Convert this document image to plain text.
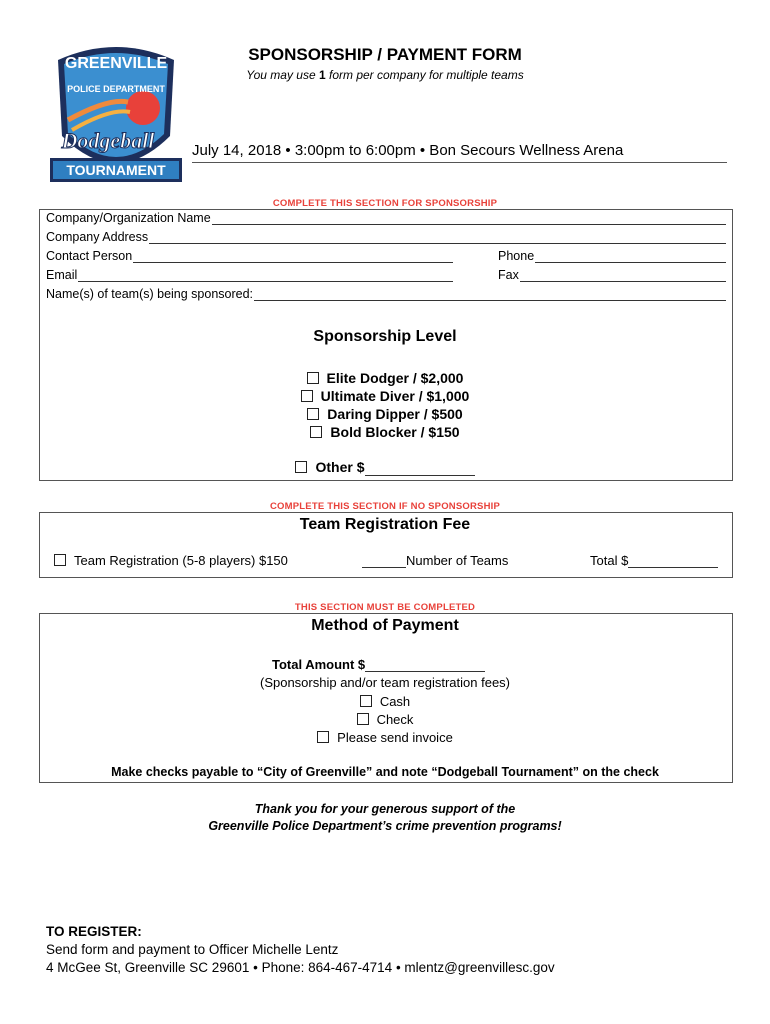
GREENVILLE
POLICE DEPARTMENT
Dodgeball
TOURNAMENT
SPONSORSHIP / PAYMENT FORM
You may use 1 form per company for multiple teams
July 14, 2018 • 3:00pm to 6:00pm • Bon Secours Wellness Arena
COMPLETE THIS SECTION FOR SPONSORSHIP
Company/Organization Name
Company Address
Contact Person	Phone
Email	Fax
Name(s) of team(s) being sponsored:
Sponsorship Level
Elite Dodger / $2,000
Ultimate Diver / $1,000
Daring Dipper / $500
Bold Blocker / $150
Other $
COMPLETE THIS SECTION IF NO SPONSORSHIP
Team Registration Fee
Team Registration (5-8 players) $150	Number of Teams	Total $
THIS SECTION MUST BE COMPLETED
Method of Payment
Total Amount $
(Sponsorship and/or team registration fees)
Cash
Check
Please send invoice
Make checks payable to “City of Greenville” and note “Dodgeball Tournament” on the check
Thank you for your generous support of the
Greenville Police Department’s crime prevention programs!
TO REGISTER:
Send form and payment to Officer Michelle Lentz
4 McGee St, Greenville SC 29601 • Phone: 864-467-4714 • mlentz@greenvillesc.gov
